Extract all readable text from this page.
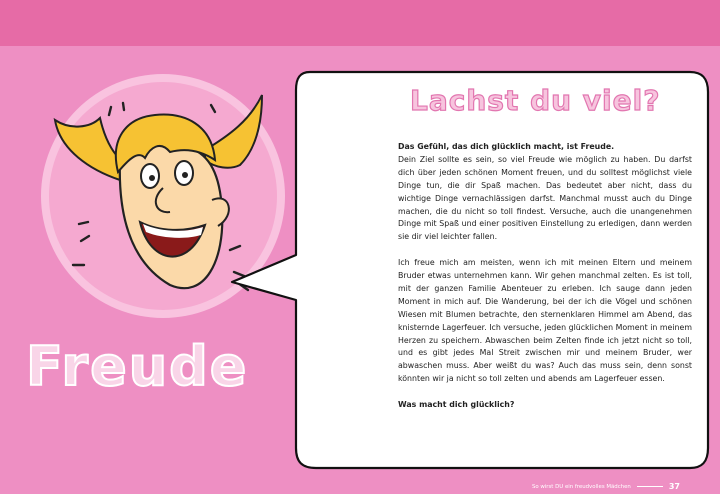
Lachst du viel?

Das Gefühl, das dich glücklich macht, ist Freude.
Dein Ziel sollte es sein, so viel Freude wie möglich zu haben. Du darfst dich über jeden schönen Moment freuen, und du solltest möglichst viele Dinge tun, die dir Spaß machen. Das bedeutet aber nicht, dass du wichtige Dinge vernachlässigen darfst. Manchmal musst auch du Dinge machen, die du nicht so toll findest. Versuche, auch die unangenehmen Dinge mit Spaß und einer positiven Einstellung zu erledigen, dann werden sie dir viel leichter fallen.

Ich freue mich am meisten, wenn ich mit meinen Eltern und meinem Bruder etwas unternehmen kann. Wir gehen manchmal zelten. Es ist toll, mit der ganzen Familie Abenteuer zu erleben. Ich sauge dann jeden Moment in mich auf. Die Wanderung, bei der ich die Vögel und schönen Wiesen mit Blumen betrachte, den sternenklaren Himmel am Abend, das knisternde Lagerfeuer. Ich versuche, jeden glücklichen Moment in meinem Herzen zu speichern. Abwaschen beim Zelten finde ich jetzt nicht so toll, und es gibt jedes Mal Streit zwischen mir und meinem Bruder, wer abwaschen muss. Aber weißt du was? Auch das muss sein, denn sonst könnten wir ja nicht so toll zelten und abends am Lagerfeuer essen.

Was macht dich glücklich?

Freude
So wirst DU ein freudvolles Mädchen	37
